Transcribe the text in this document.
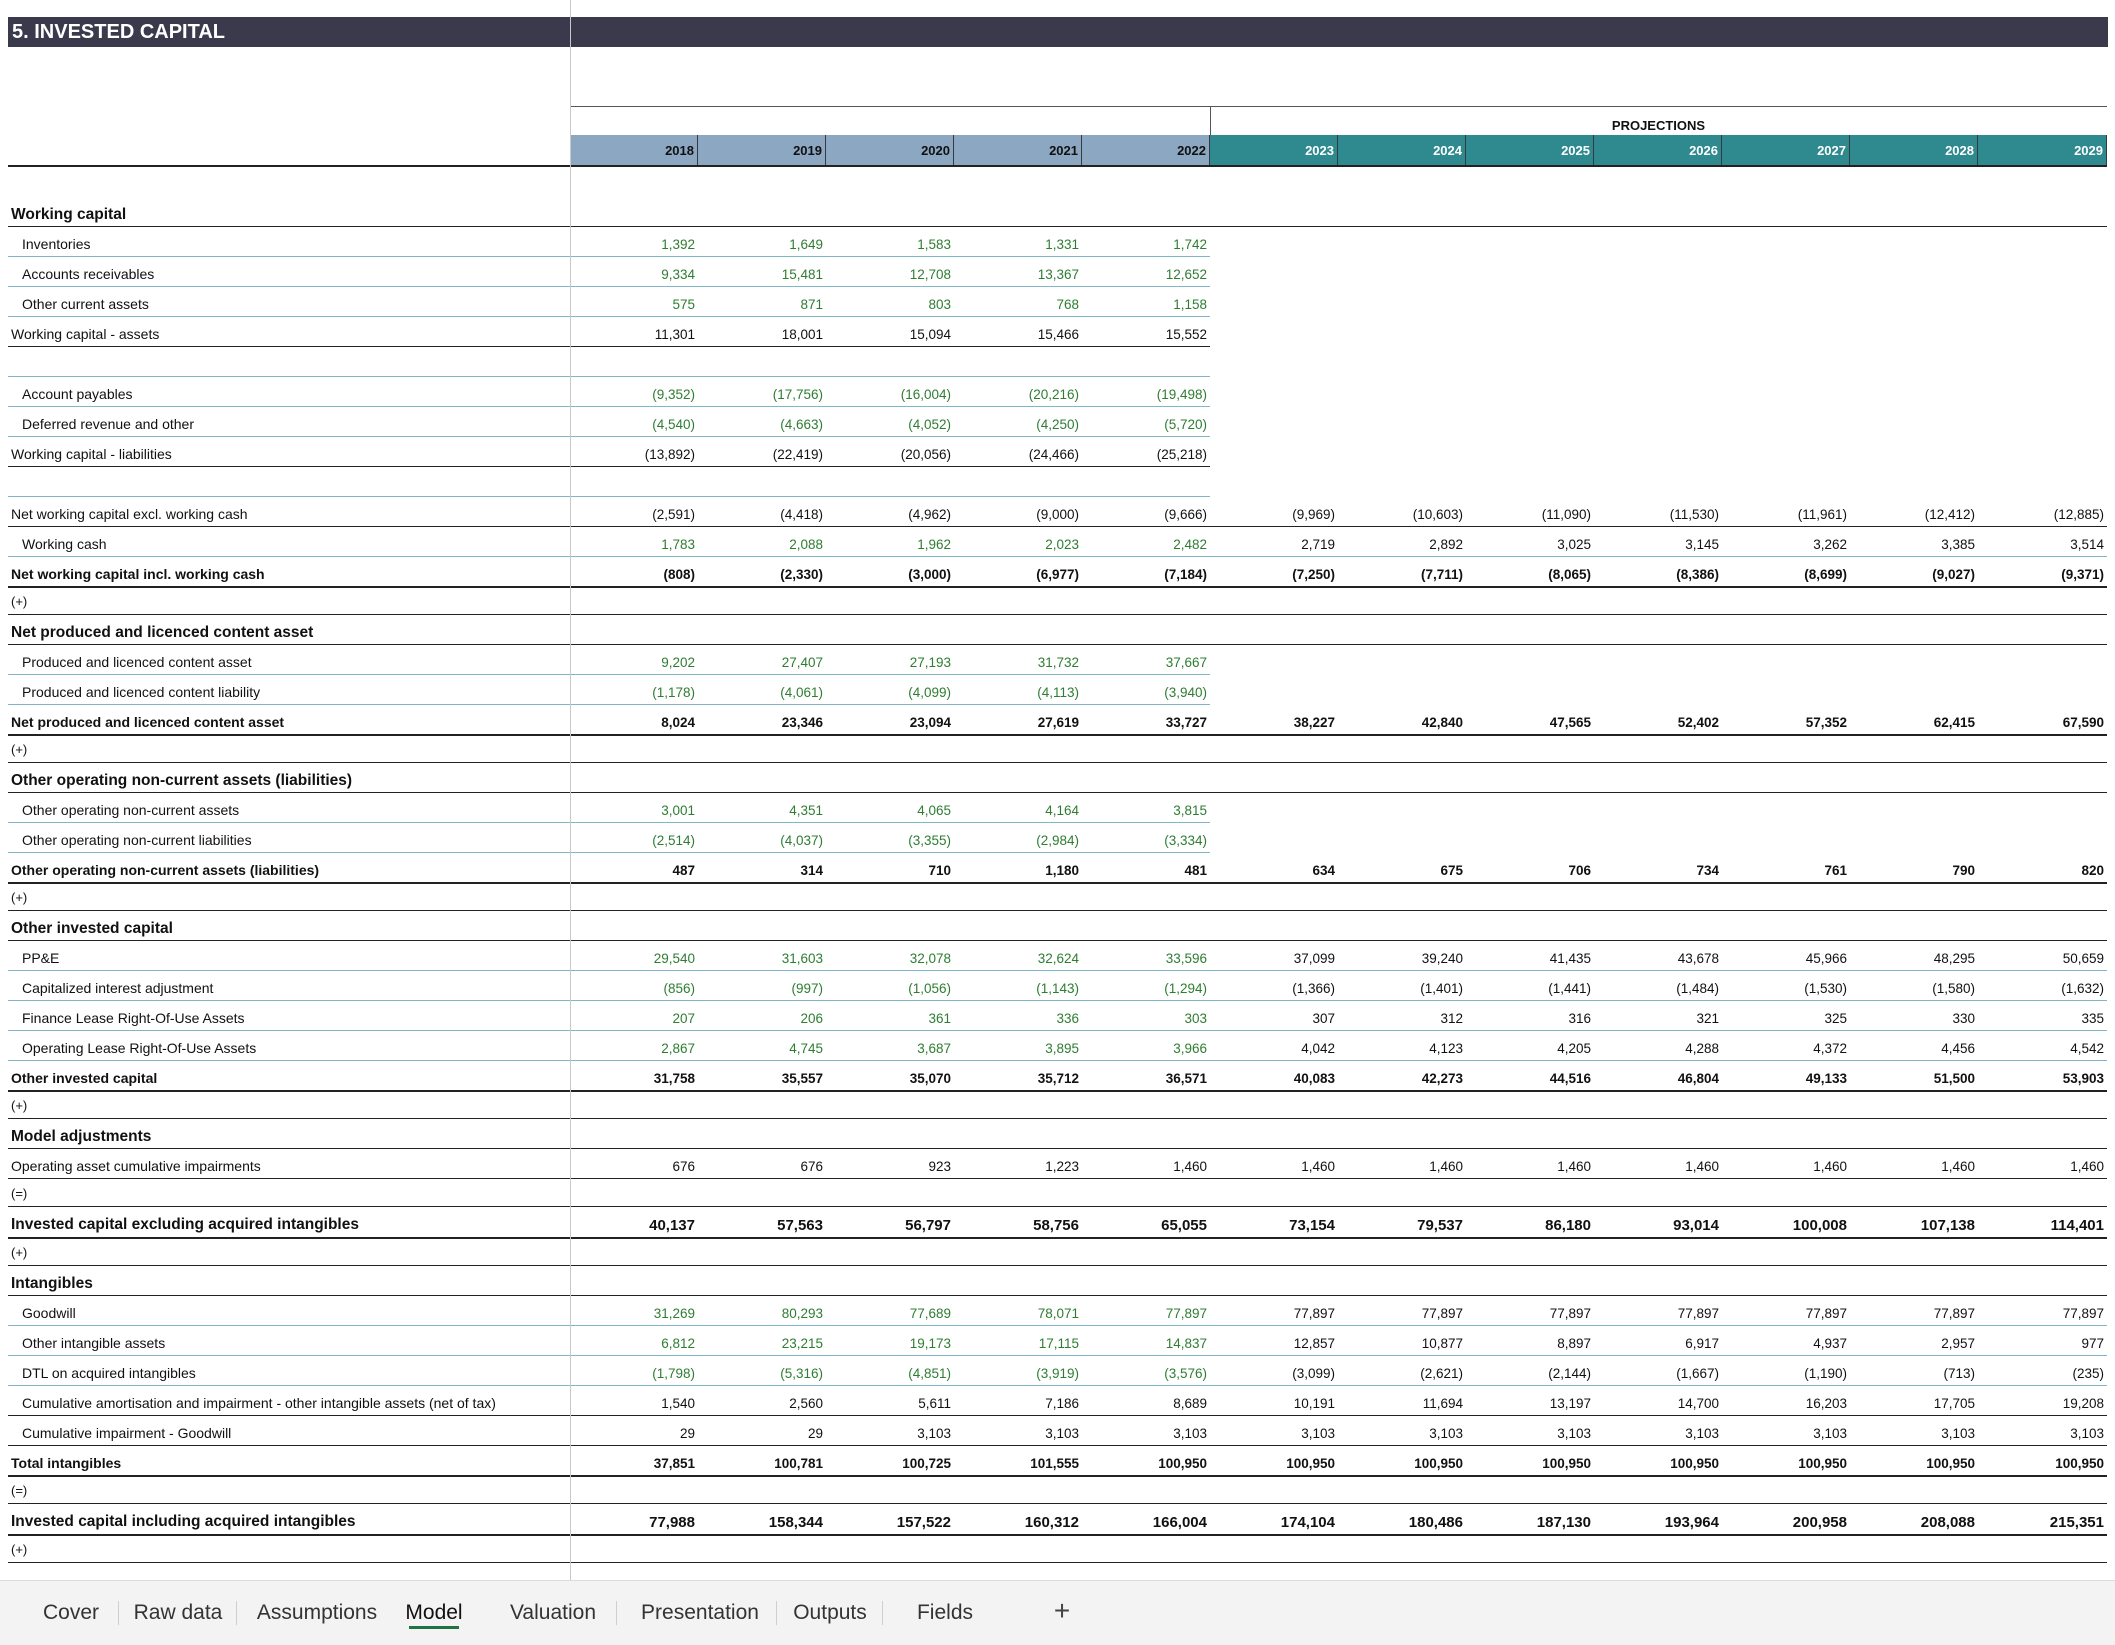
5. INVESTED CAPITAL
PROJECTIONS
2018	2019	2020	2021	2022	2023	2024	2025	2026	2027	2028	2029
Working capital
Inventories	1,392	1,649	1,583	1,331	1,742
Accounts receivables	9,334	15,481	12,708	13,367	12,652
Other current assets	575	871	803	768	1,158
Working capital - assets	11,301	18,001	15,094	15,466	15,552
Account payables	(9,352)	(17,756)	(16,004)	(20,216)	(19,498)
Deferred revenue and other	(4,540)	(4,663)	(4,052)	(4,250)	(5,720)
Working capital - liabilities	(13,892)	(22,419)	(20,056)	(24,466)	(25,218)
Net working capital excl. working cash	(2,591)	(4,418)	(4,962)	(9,000)	(9,666)	(9,969)	(10,603)	(11,090)	(11,530)	(11,961)	(12,412)	(12,885)
Working cash	1,783	2,088	1,962	2,023	2,482	2,719	2,892	3,025	3,145	3,262	3,385	3,514
Net working capital incl. working cash	(808)	(2,330)	(3,000)	(6,977)	(7,184)	(7,250)	(7,711)	(8,065)	(8,386)	(8,699)	(9,027)	(9,371)
(+)
Net produced and licenced content asset
Produced and licenced content asset	9,202	27,407	27,193	31,732	37,667
Produced and licenced content liability	(1,178)	(4,061)	(4,099)	(4,113)	(3,940)
Net produced and licenced content asset	8,024	23,346	23,094	27,619	33,727	38,227	42,840	47,565	52,402	57,352	62,415	67,590
(+)
Other operating non-current assets (liabilities)
Other operating non-current assets	3,001	4,351	4,065	4,164	3,815
Other operating non-current liabilities	(2,514)	(4,037)	(3,355)	(2,984)	(3,334)
Other operating non-current assets (liabilities)	487	314	710	1,180	481	634	675	706	734	761	790	820
(+)
Other invested capital
PP&E	29,540	31,603	32,078	32,624	33,596	37,099	39,240	41,435	43,678	45,966	48,295	50,659
Capitalized interest adjustment	(856)	(997)	(1,056)	(1,143)	(1,294)	(1,366)	(1,401)	(1,441)	(1,484)	(1,530)	(1,580)	(1,632)
Finance Lease Right-Of-Use Assets	207	206	361	336	303	307	312	316	321	325	330	335
Operating Lease Right-Of-Use Assets	2,867	4,745	3,687	3,895	3,966	4,042	4,123	4,205	4,288	4,372	4,456	4,542
Other invested capital	31,758	35,557	35,070	35,712	36,571	40,083	42,273	44,516	46,804	49,133	51,500	53,903
(+)
Model adjustments
Operating asset cumulative impairments	676	676	923	1,223	1,460	1,460	1,460	1,460	1,460	1,460	1,460	1,460
(=)
Invested capital excluding acquired intangibles	40,137	57,563	56,797	58,756	65,055	73,154	79,537	86,180	93,014	100,008	107,138	114,401
(+)
Intangibles
Goodwill	31,269	80,293	77,689	78,071	77,897	77,897	77,897	77,897	77,897	77,897	77,897	77,897
Other intangible assets	6,812	23,215	19,173	17,115	14,837	12,857	10,877	8,897	6,917	4,937	2,957	977
DTL on acquired intangibles	(1,798)	(5,316)	(4,851)	(3,919)	(3,576)	(3,099)	(2,621)	(2,144)	(1,667)	(1,190)	(713)	(235)
Cumulative amortisation and impairment - other intangible assets (net of tax)	1,540	2,560	5,611	7,186	8,689	10,191	11,694	13,197	14,700	16,203	17,705	19,208
Cumulative impairment - Goodwill	29	29	3,103	3,103	3,103	3,103	3,103	3,103	3,103	3,103	3,103	3,103
Total intangibles	37,851	100,781	100,725	101,555	100,950	100,950	100,950	100,950	100,950	100,950	100,950	100,950
(=)
Invested capital including acquired intangibles	77,988	158,344	157,522	160,312	166,004	174,104	180,486	187,130	193,964	200,958	208,088	215,351
(+)
Cover	Raw data	Assumptions	Model	Valuation	Presentation	Outputs	Fields	+
